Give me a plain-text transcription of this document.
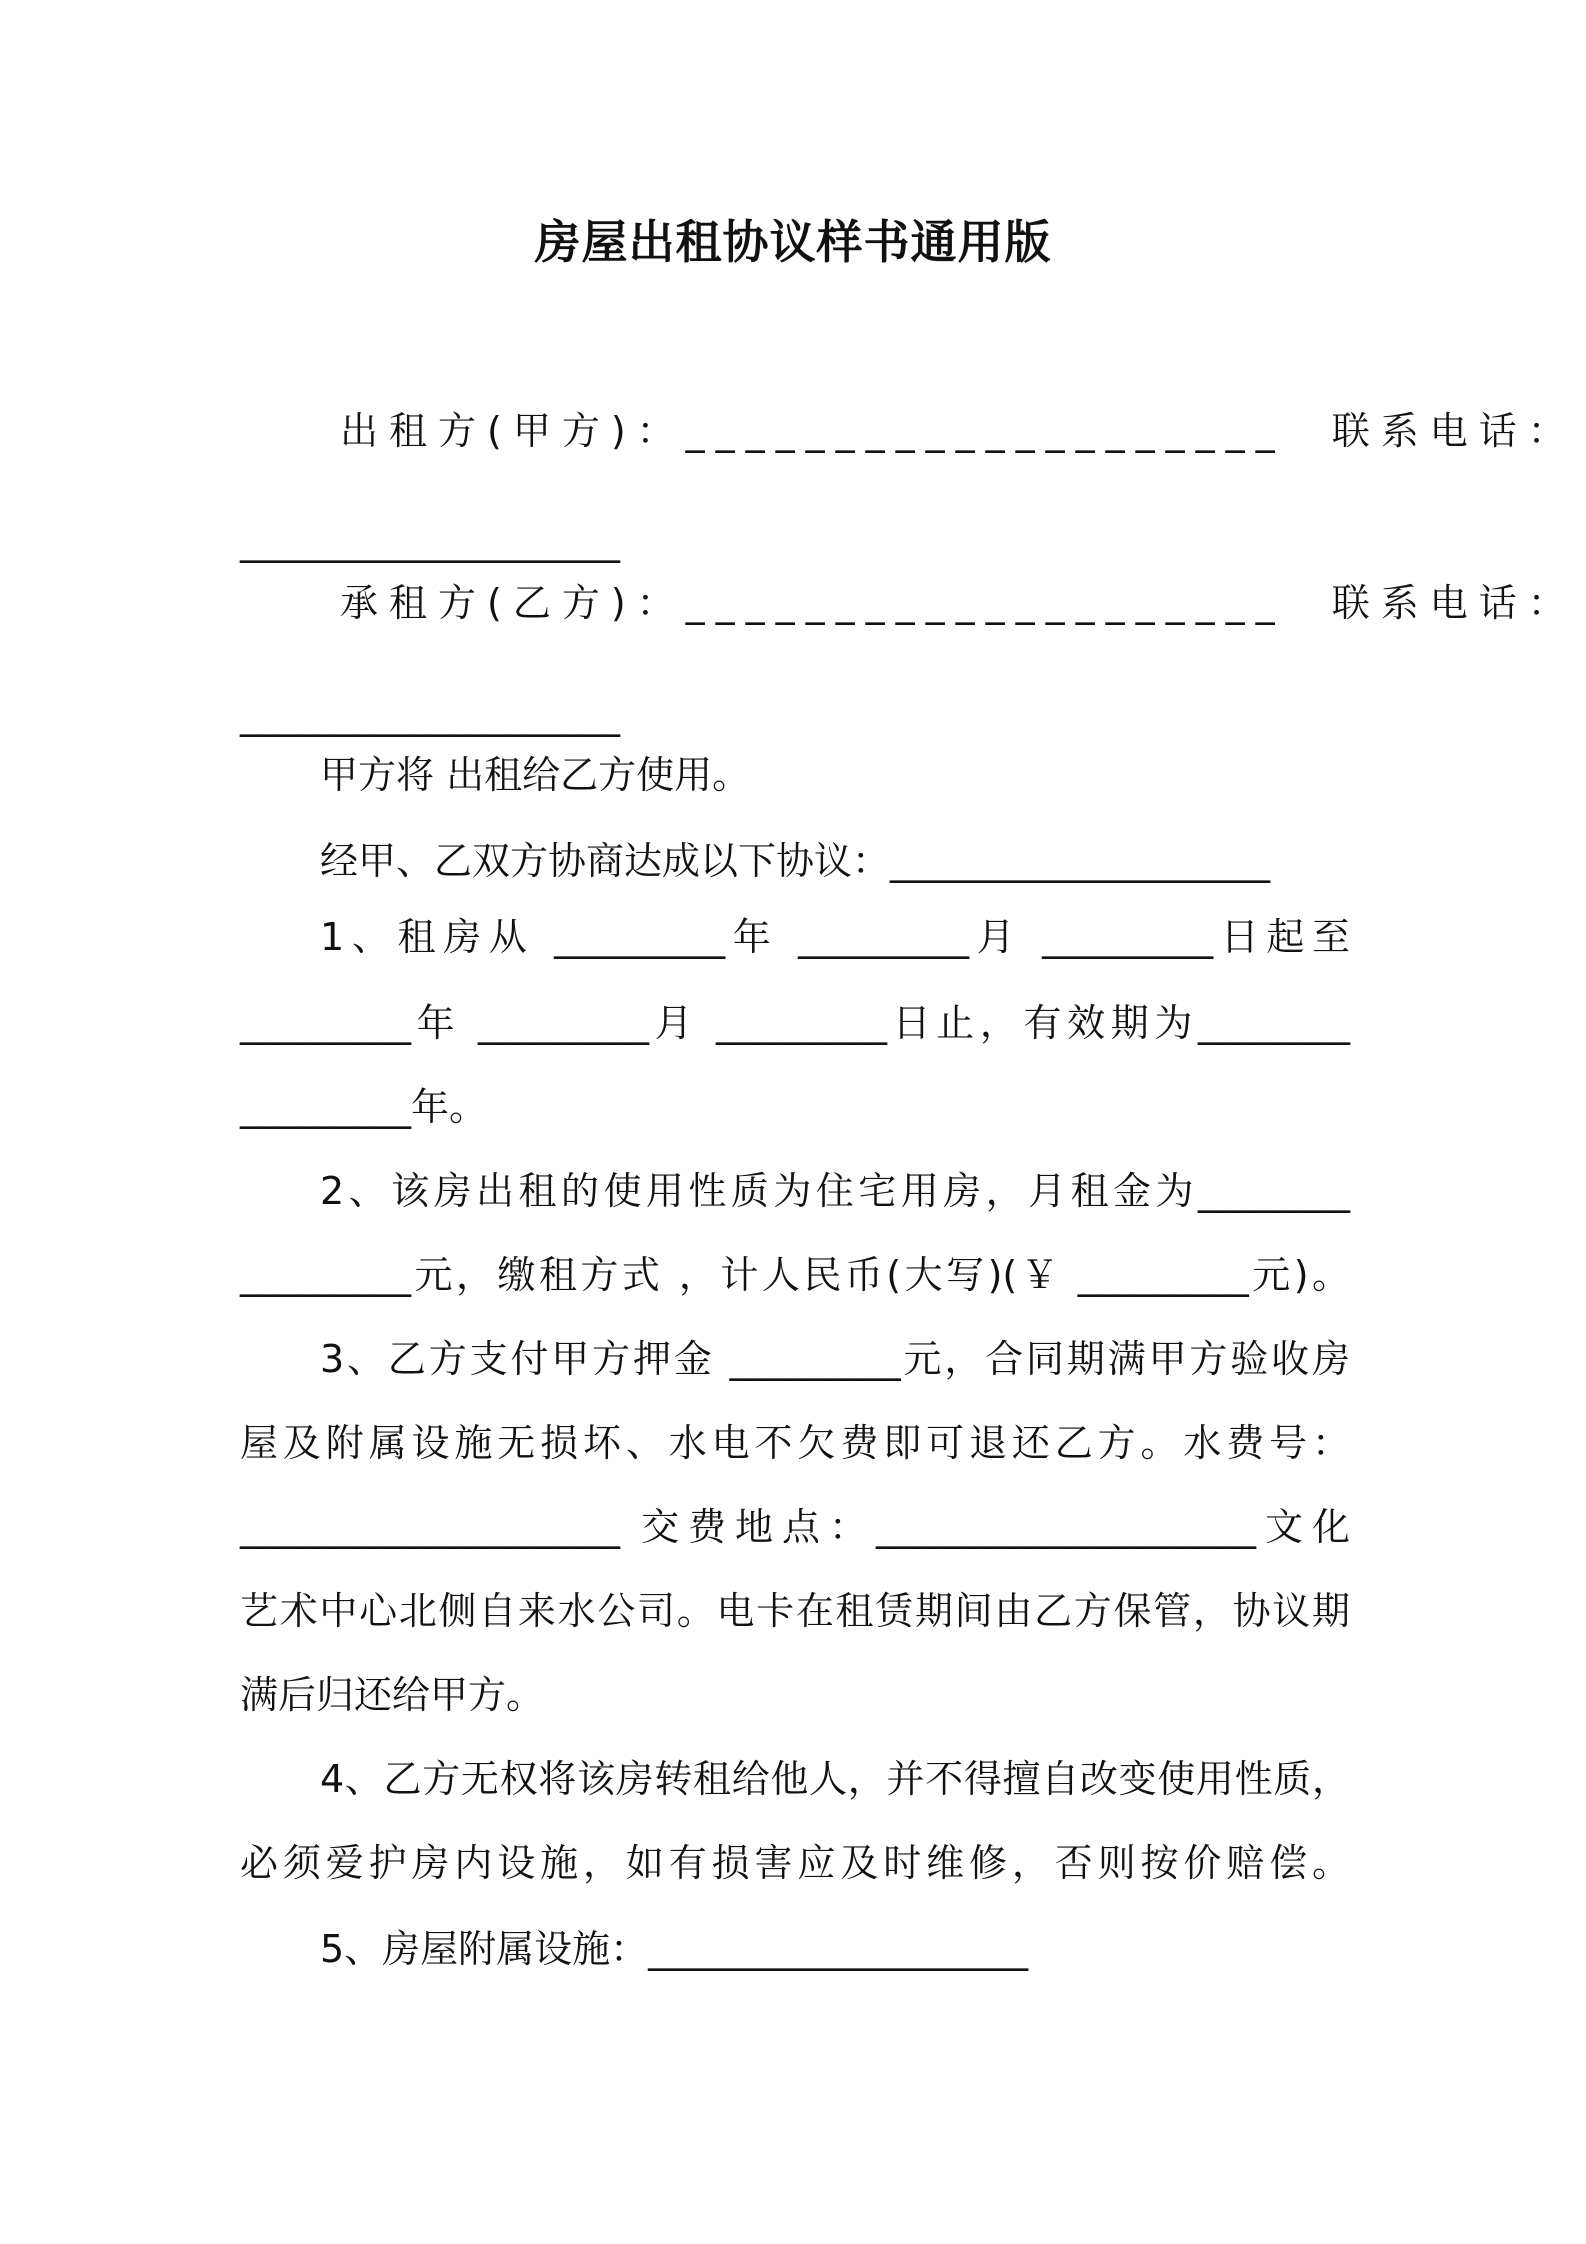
房屋出租协议样书通用版
出租方(甲方)：____________________  联系电话：
____________________
承租方(乙方)：____________________  联系电话：
____________________
甲方将 出租给乙方使用。
经甲、乙双方协商达成以下协议：____________________
1、租房从 _________年 _________月 _________日起至
_________年 _________月 _________日止，有效期为________
_________年。
2、该房出租的使用性质为住宅用房，月租金为________
_________元，缴租方式 ，计人民币(大写)(￥ _________元)。
3、乙方支付甲方押金 _________元，合同期满甲方验收房
屋及附属设施无损坏、水电不欠费即可退还乙方。水费号：
____________________ 交费地点：____________________文化
艺术中心北侧自来水公司。电卡在租赁期间由乙方保管，协议期
满后归还给甲方。
4、乙方无权将该房转租给他人，并不得擅自改变使用性质，
必须爱护房内设施，如有损害应及时维修，否则按价赔偿。
5、房屋附属设施：____________________
